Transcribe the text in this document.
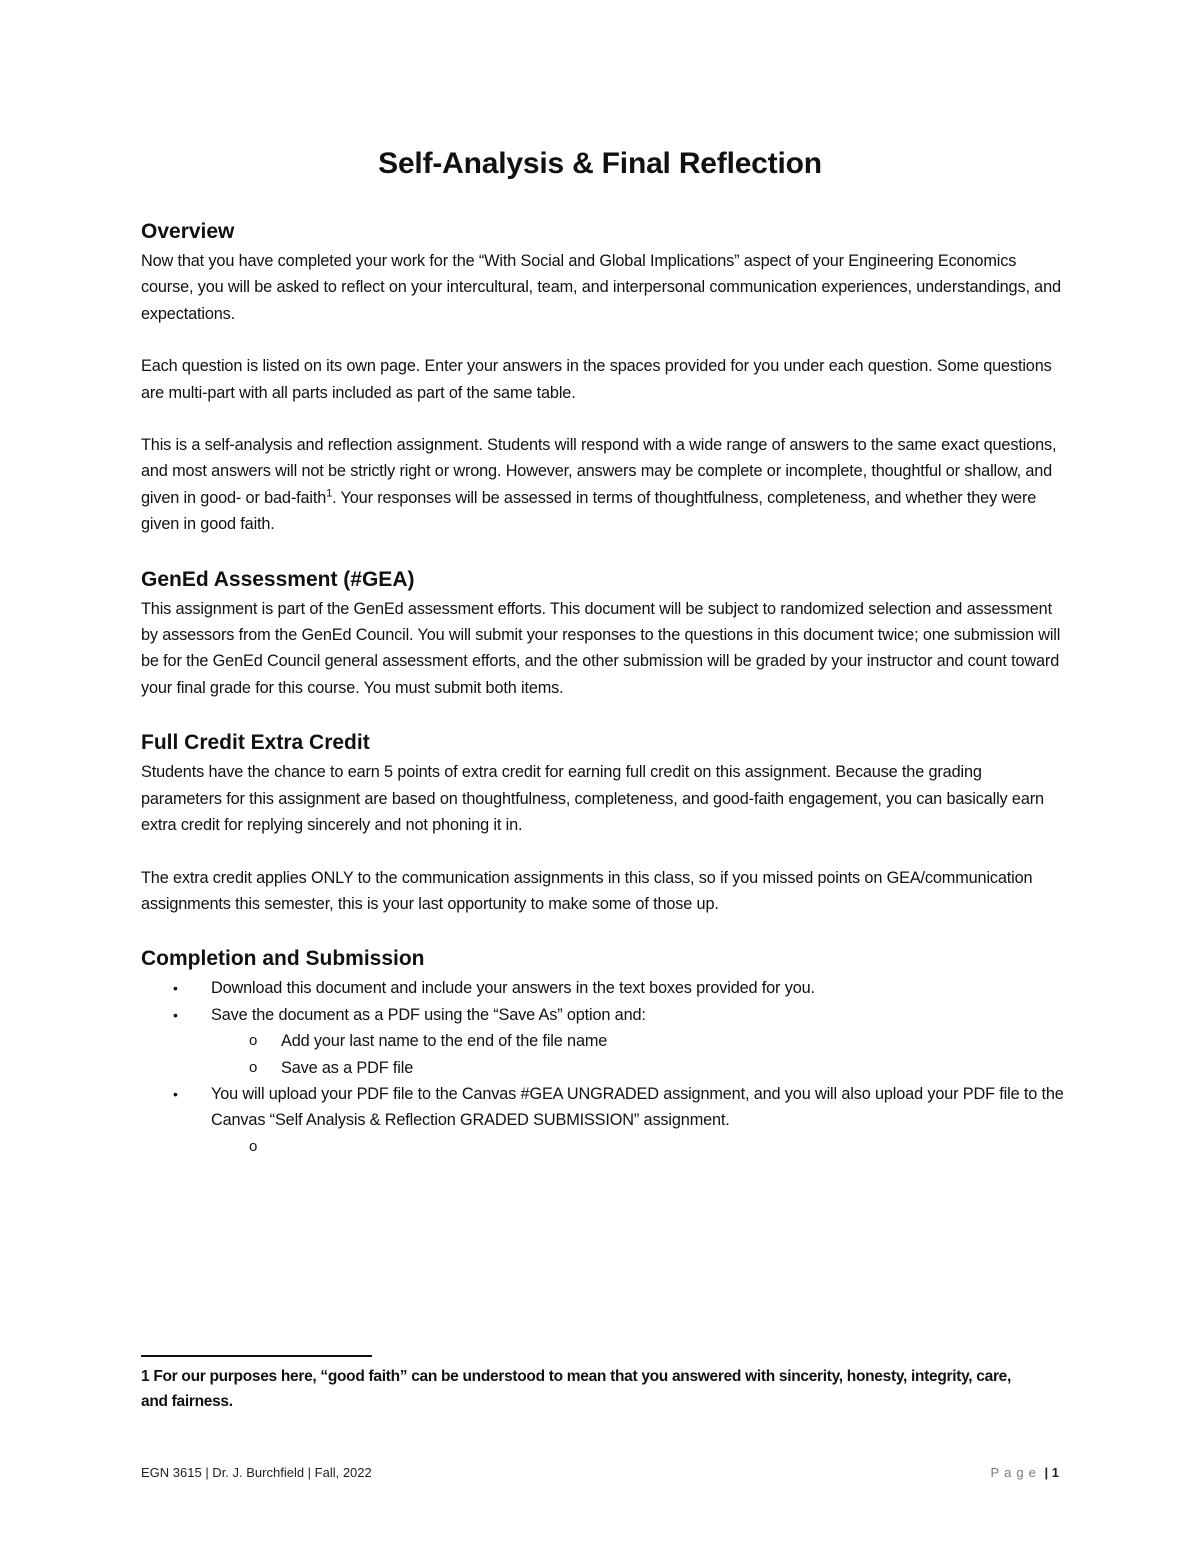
Self-Analysis & Final Reflection
Overview

Now that you have completed your work for the “With Social and Global Implications” aspect of your Engineering Economics course, you will be asked to reflect on your intercultural, team, and interpersonal communication experiences, understandings, and expectations.

Each question is listed on its own page. Enter your answers in the spaces provided for you under each question. Some questions are multi-part with all parts included as part of the same table.

This is a self-analysis and reflection assignment. Students will respond with a wide range of answers to the same exact questions, and most answers will not be strictly right or wrong. However, answers may be complete or incomplete, thoughtful or shallow, and given in good- or bad-faith$^1$. Your responses will be assessed in terms of thoughtfulness, completeness, and whether they were given in good faith.

GenEd Assessment (#GEA)

This assignment is part of the GenEd assessment efforts. This document will be subject to randomized selection and assessment by assessors from the GenEd Council. You will submit your responses to the questions in this document twice; one submission will be for the GenEd Council general assessment efforts, and the other submission will be graded by your instructor and count toward your final grade for this course. You must submit both items.

Full Credit Extra Credit

Students have the chance to earn 5 points of extra credit for earning full credit on this assignment. Because the grading parameters for this assignment are based on thoughtfulness, completeness, and good-faith engagement, you can basically earn extra credit for replying sincerely and not phoning it in.

The extra credit applies ONLY to the communication assignments in this class, so if you missed points on GEA/communication assignments this semester, this is your last opportunity to make some of those up.

Completion and Submission
• Download this document and include your answers in the text boxes provided for you.
• Save the document as a PDF using the “Save As” option and:
o Add your last name to the end of the file name
o Save as a PDF file
• You will upload your PDF file to the Canvas #GEA UNGRADED assignment, and you will also upload your PDF file to the Canvas “Self Analysis & Reflection GRADED SUBMISSION” assignment.
o

1 For our purposes here, “good faith” can be understood to mean that you answered with sincerity, honesty, integrity, care, and fairness.
EGN 3615 | Dr. J. Burchfield | Fall, 2022	Page | 1
